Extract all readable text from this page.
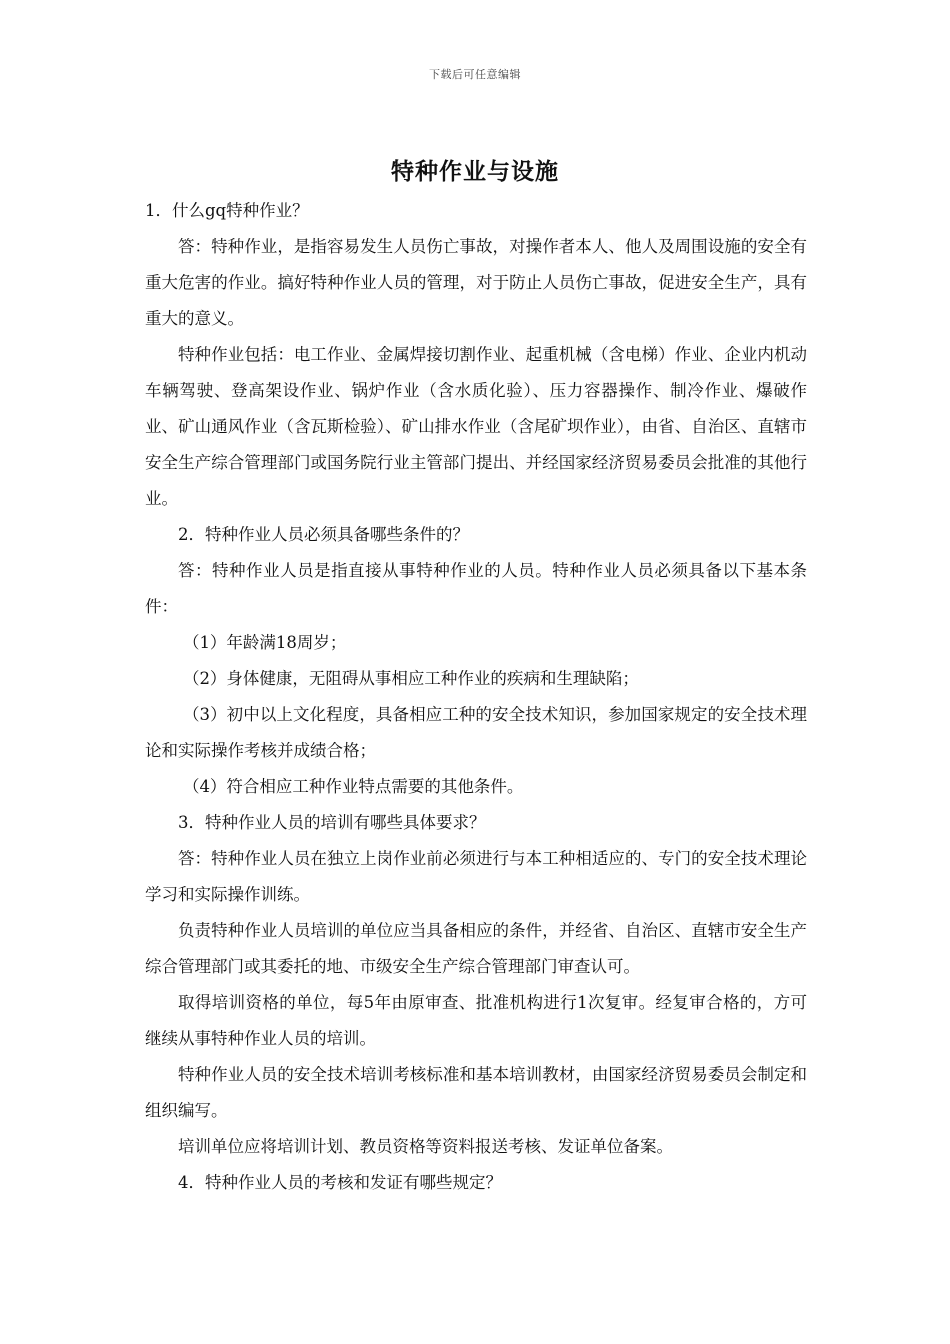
下载后可任意编辑
特种作业与设施

1．什么gq特种作业？

答：特种作业，是指容易发生人员伤亡事故，对操作者本人、他人及周围设施的安全有重大危害的作业。搞好特种作业人员的管理，对于防止人员伤亡事故，促进安全生产，具有重大的意义。

特种作业包括：电工作业、金属焊接切割作业、起重机械（含电梯）作业、企业内机动车辆驾驶、登高架设作业、锅炉作业（含水质化验）、压力容器操作、制冷作业、爆破作业、矿山通风作业（含瓦斯检验）、矿山排水作业（含尾矿坝作业），由省、自治区、直辖市安全生产综合管理部门或国务院行业主管部门提出、并经国家经济贸易委员会批准的其他行业。

2．特种作业人员必须具备哪些条件的？

答：特种作业人员是指直接从事特种作业的人员。特种作业人员必须具备以下基本条件：

（1）年龄满18周岁；

（2）身体健康，无阻碍从事相应工种作业的疾病和生理缺陷；

（3）初中以上文化程度，具备相应工种的安全技术知识，参加国家规定的安全技术理论和实际操作考核并成绩合格；

（4）符合相应工种作业特点需要的其他条件。

3．特种作业人员的培训有哪些具体要求？

答：特种作业人员在独立上岗作业前必须进行与本工种相适应的、专门的安全技术理论学习和实际操作训练。

负责特种作业人员培训的单位应当具备相应的条件，并经省、自治区、直辖市安全生产综合管理部门或其委托的地、市级安全生产综合管理部门审查认可。

取得培训资格的单位，每5年由原审查、批准机构进行1次复审。经复审合格的，方可继续从事特种作业人员的培训。

特种作业人员的安全技术培训考核标准和基本培训教材，由国家经济贸易委员会制定和组织编写。

培训单位应将培训计划、教员资格等资料报送考核、发证单位备案。

4．特种作业人员的考核和发证有哪些规定？
